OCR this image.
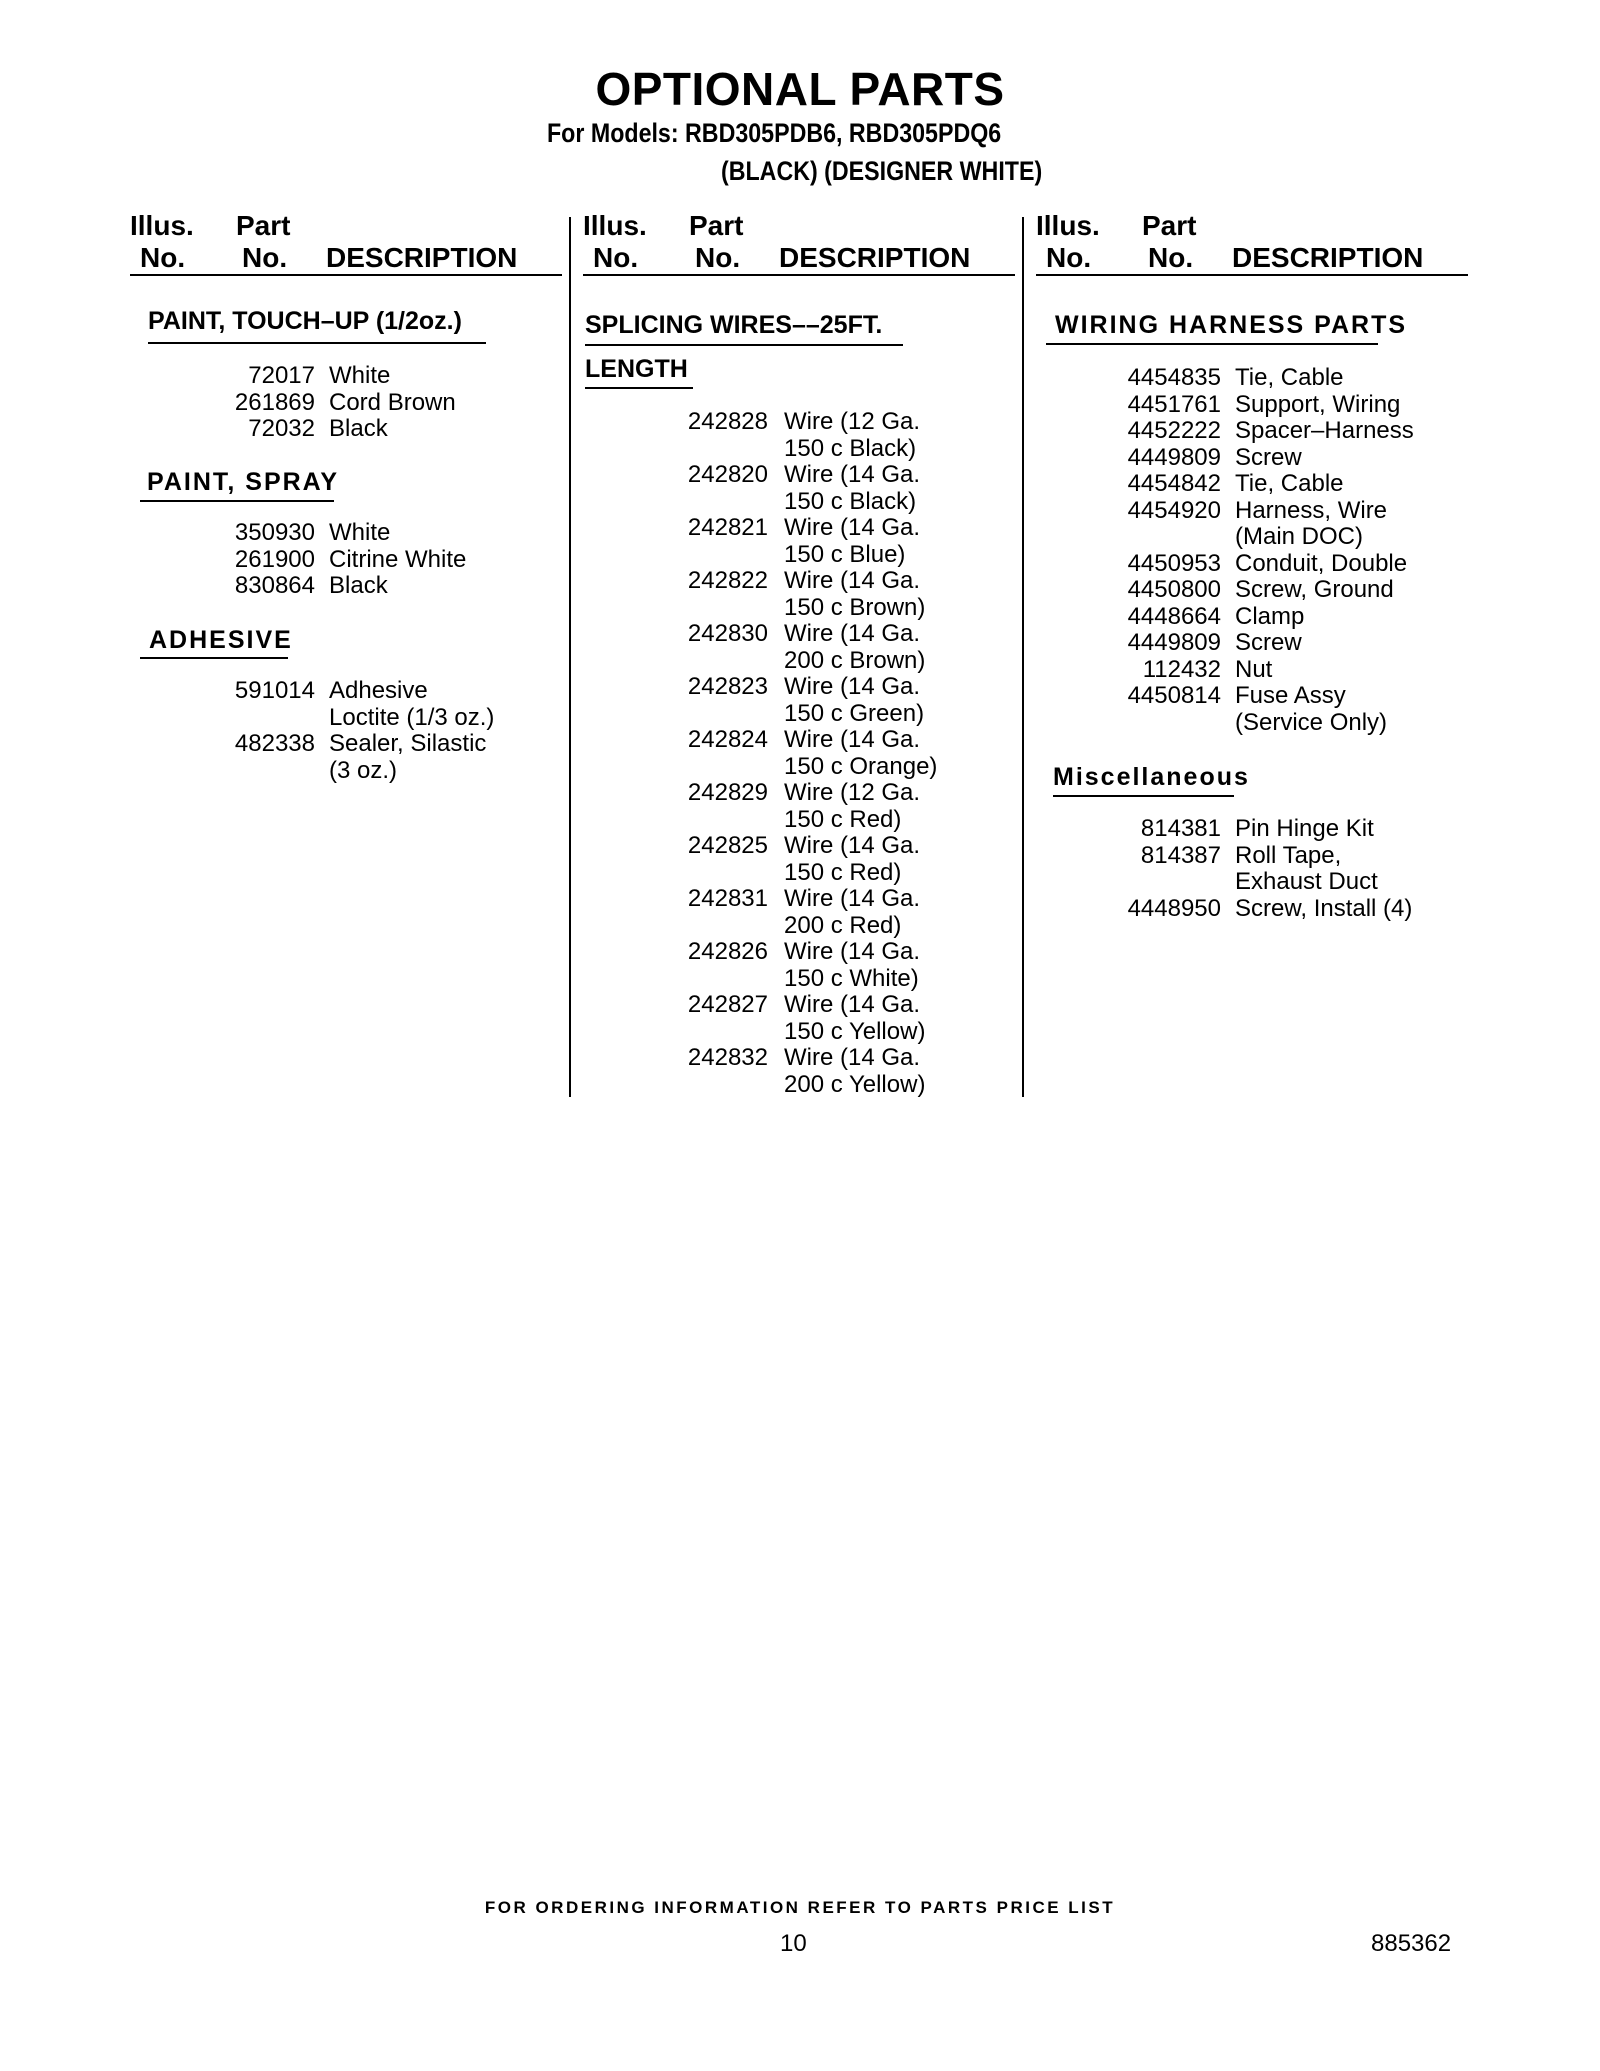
OPTIONAL PARTS
For Models: RBD305PDB6, RBD305PDQ6
(BLACK) (DESIGNER WHITE)
Illus.
No.
Part
No. DESCRIPTION
Illus.
No.
Part
No. DESCRIPTION
Illus.
No.
Part
No. DESCRIPTION
PAINT, TOUCH–UP (1/2oz.)
72017 White
261869 Cord Brown
72032 Black
PAINT, SPRAY
350930 White
261900 Citrine White
830864 Black
ADHESIVE
591014 Adhesive
Loctite (1/3 oz.)
482338 Sealer, Silastic
(3 oz.)
SPLICING WIRES––25FT.
LENGTH
242828 Wire (12 Ga.
150 c Black)
242820 Wire (14 Ga.
150 c Black)
242821 Wire (14 Ga.
150 c Blue)
242822 Wire (14 Ga.
150 c Brown)
242830 Wire (14 Ga.
200 c Brown)
242823 Wire (14 Ga.
150 c Green)
242824 Wire (14 Ga.
150 c Orange)
242829 Wire (12 Ga.
150 c Red)
242825 Wire (14 Ga.
150 c Red)
242831 Wire (14 Ga.
200 c Red)
242826 Wire (14 Ga.
150 c White)
242827 Wire (14 Ga.
150 c Yellow)
242832 Wire (14 Ga.
200 c Yellow)
WIRING HARNESS PARTS
4454835 Tie, Cable
4451761 Support, Wiring
4452222 Spacer–Harness
4449809 Screw
4454842 Tie, Cable
4454920 Harness, Wire
(Main DOC)
4450953 Conduit, Double
4450800 Screw, Ground
4448664 Clamp
4449809 Screw
112432 Nut
4450814 Fuse Assy
(Service Only)
Miscellaneous
814381 Pin Hinge Kit
814387 Roll Tape,
Exhaust Duct
4448950 Screw, Install (4)
FOR ORDERING INFORMATION REFER TO PARTS PRICE LIST
10	885362
